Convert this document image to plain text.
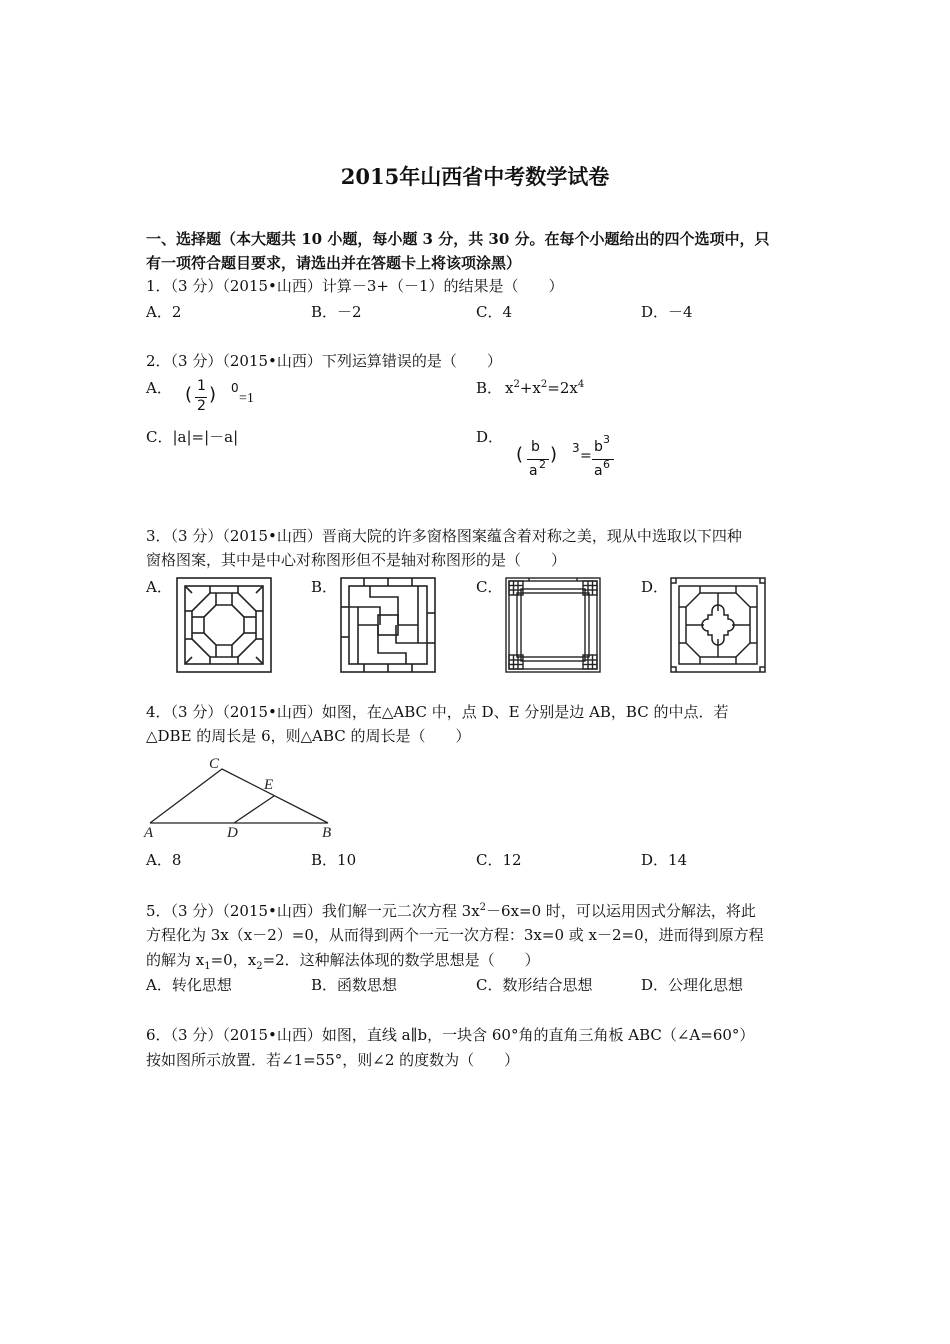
2015年山西省中考数学试卷
一、选择题（本大题共 10 小题，每小题 3 分，共 30 分。在每个小题给出的四个选项中，只
有一项符合题目要求，请选出并在答题卡上将该项涂黑）
1．（3 分）（2015•山西）计算－3+（－1）的结果是（　　）
A．2	B．－2	C．4	D．－4
2．（3 分）（2015•山西）下列运算错误的是（　　）
A． ( 1
2
) 0
=1
B． $x^2+x^2=2x^4$
C．|a|=|－a|	D．
( b
a 2 ) 3 =
b 3
a 6
3．（3 分）（2015•山西）晋商大院的许多窗格图案蕴含着对称之美，现从中选取以下四种
窗格图案，其中是中心对称图形但不是轴对称图形的是（　　）
A．	B．	C．	D．
4．（3 分）（2015•山西）如图，在△ABC 中，点 D、E 分别是边 AB，BC 的中点．若
△DBE 的周长是 6，则△ABC 的周长是（　　）
C
E
A	D	B
A．8	B．10	C．12	D．14
5．（3 分）（2015•山西）我们解一元二次方程 $3x^2-6x=0$ 时，可以运用因式分解法，将此
方程化为 3x（x－2）=0，从而得到两个一元一次方程：3x=0 或 x－2=0，进而得到原方程
的解为 $x_1=0$，$x_2=2$．这种解法体现的数学思想是（　　）
A．转化思想	B．函数思想	C．数形结合思想	D．公理化思想
6．（3 分）（2015•山西）如图，直线 a∥b，一块含 60°角的直角三角板 ABC（∠A=60°）
按如图所示放置．若∠1=55°，则∠2 的度数为（　　）
